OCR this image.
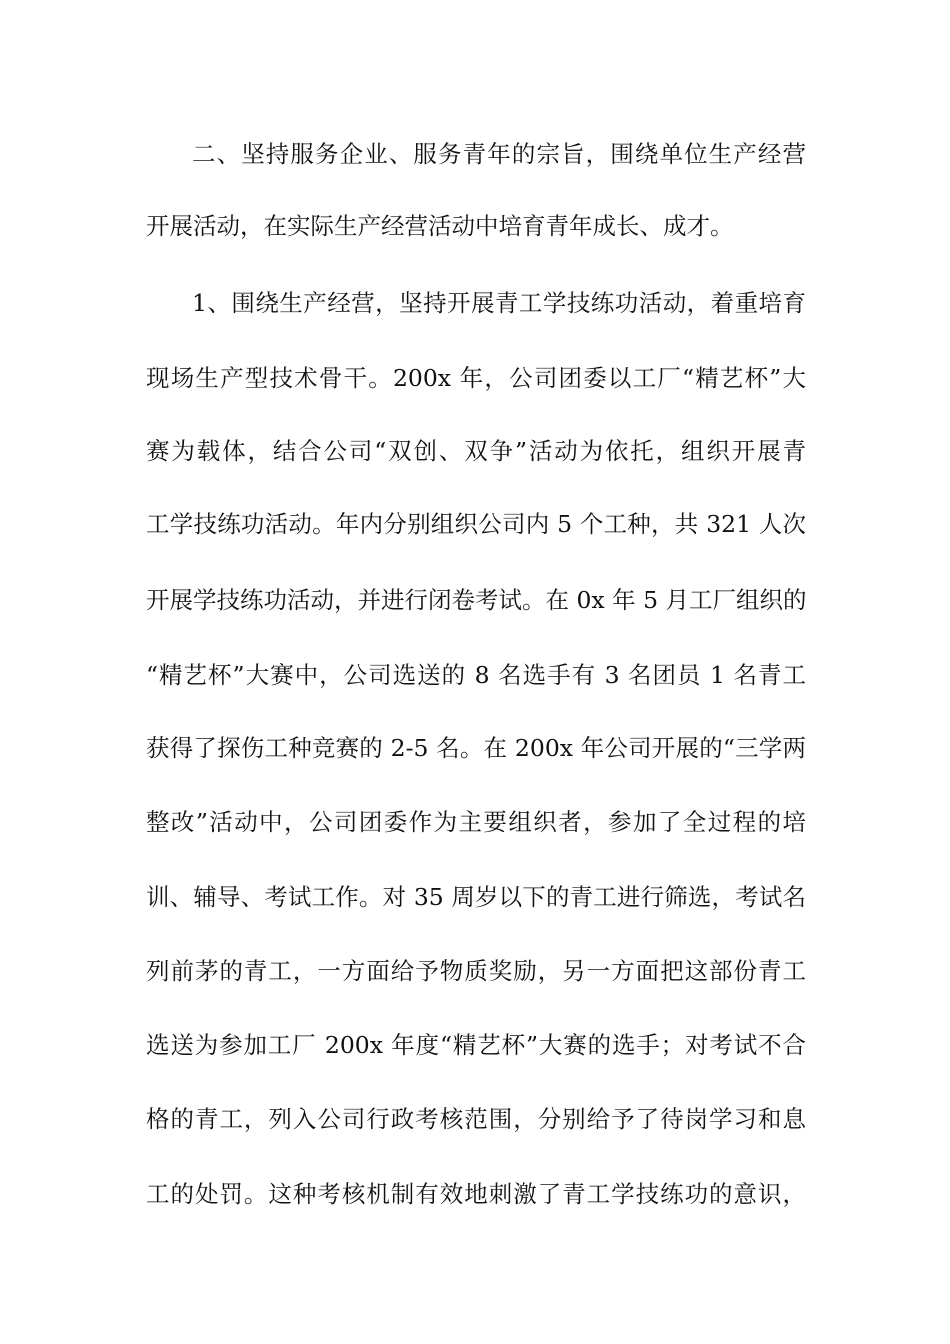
二、坚持服务企业、服务青年的宗旨，围绕单位生产经营
开展活动，在实际生产经营活动中培育青年成长、成才。
1、围绕生产经营，坚持开展青工学技练功活动，着重培育
现场生产型技术骨干。200x 年，公司团委以工厂“精艺杯”大
赛为载体，结合公司“双创、双争”活动为依托，组织开展青
工学技练功活动。年内分别组织公司内 5 个工种，共 321 人次
开展学技练功活动，并进行闭卷考试。在 0x 年 5 月工厂组织的
“精艺杯”大赛中，公司选送的 8 名选手有 3 名团员 1 名青工
获得了探伤工种竞赛的 2-5 名。在 200x 年公司开展的“三学两
整改”活动中，公司团委作为主要组织者，参加了全过程的培
训、辅导、考试工作。对 35 周岁以下的青工进行筛选，考试名
列前茅的青工，一方面给予物质奖励，另一方面把这部份青工
选送为参加工厂 200x 年度“精艺杯”大赛的选手；对考试不合
格的青工，列入公司行政考核范围，分别给予了待岗学习和息
工的处罚。这种考核机制有效地刺激了青工学技练功的意识，
